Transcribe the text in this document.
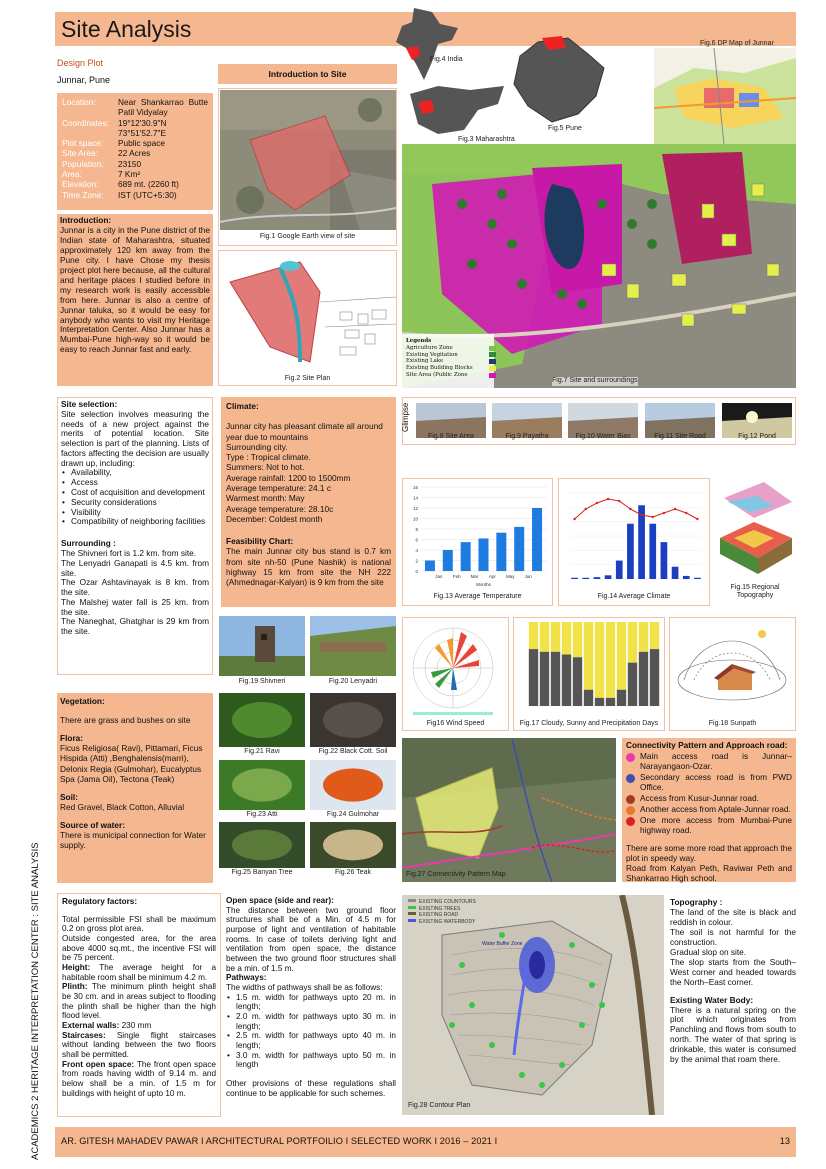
Site Analysis
ACADEMICS 2 HERITAGE INTERPRETATION CENTER : SITE ANALYSIS
Design Plot
Junnar, Pune
Location:	Near Shankarrao Butte Patil Vidyalay
Coordinates:	19°12'30.9"N 73°51'52.7"E
Plot space:	Public space
Site Area:	22 Acres
Population:	23150
Area:	7 Km²
Elevation:	689 mt. (2260 ft)
Time Zone:	IST (UTC+5:30)
Introduction:
Junnar is a city in the Pune district of the Indian state of Maharashtra, situated approximately 120 km away from the Pune city. I have Chose my thesis project plot here because, all the cultural and heritage places I studied before in my research work is easily accessible from here. Junnar is also a centre of Junnar taluka, so it would be easy for anybody who wants to visit my Heritage Interpretation Center. Also Junnar has a Mumbai-Pune high-way so it would be easy to reach Junnar fast and early.
Introduction to Site
Fig.1 Google Earth view of site
Fig.2 Site Plan
Fig.4 India
Fig.3 Maharashtra
Fig.5 Pune
Fig.6 DP Map of Junnar
Legends
Agriculture Zone
Existing Vegitation
Existing Lake
Existing Building Blocks
Site Area (Public Zone
Fig.7 Site and surroundings
Site selection:
Site selection involves measuring the needs of a new project against the merits of potential location. Site selection is part of the planning. Lists of factors affecting the decision are usually drawn up, including:
• Availability,
• Access
• Cost of acquisition and development
• Security considerations
• Visibility
• Compatibility of neighboring facilities
Surrounding :
The Shivneri fort is 1.2 km. from site.
The Lenyadri Ganapati is 4.5 km. from site.
The Ozar Ashtavinayak is 8 km. from the site.
The Malshej water fall is 25 km. from the site.
The Naneghat, Ghatghar is 29 km from the site.
Climate:
Junnar city has pleasant climate all around year due to mountains
Surrounding city.
Type : Tropical climate.
Summers: Not to hot.
Average rainfall: 1200 to 1500mm
Average temperature: 24.1 c
Warmest month: May
Average temperature: 28.10c
December: Coldest month
Feasibility Chart:
The main Junnar city bus stand is 0.7 km from site nh-50 (Pune Nashik) is national highway 15 km from site the NH 222 (Ahmednagar-Kalyan) is 9 km from the site
Fig.19 Shivneri	Fig.20 Lenyadri
Glimpse
Fig.8 Site Area	Fig.9 Payatha	Fig.10 Water Bias	Fig.11 Site Road	Fig.12 Pond
16
14
12
10
8
6
4
2
0
Jan Feb Mar Apr May Jun
Months
Fig.13 Average Temperature	Fig.14 Average Climate
Fig.15 Regional Topography
Fig16 Wind Speed	Fig.17 Cloudy, Sunny and Precipitation Days	Fig.18 Sunpath
Vegetation:
There are grass and bushes on site
Flora:
Ficus Religiosa( Ravi), Pittamari, Ficus Hispida (Atti) ,Benghalensis(marri), Delonix Regia (Gulmohar), Eucalyptus Spa (Jama Oil), Tectona (Teak)
Soil:
Red Gravel, Black Cotton, Alluvial
Source of water:
There is municipal connection for Water supply.
Fig.21 Ravi	Fig.22 Black Cott. Soil
Fig.23 Atti	Fig.24 Gulmohar
Fig.25 Banyan Tree	Fig.26 Teak	Fig.27 Connectivity Pattern Map
Connectivity Pattern and Approach road:
Main access road is Junnar–Narayangaon-Ozar.
Secondary access road is from PWD Office.
Access from Kusur-Junnar road.
Another access from Aptale-Junnar road.
One more access from Mumbai-Pune highway road.
There are some more road that approach the plot in speedy way.
Road from Kalyan Peth, Raviwar Peth and Shankarrao High school.
Regulatory factors:
Total permissible FSI shall be maximum 0.2 on gross plot area.
Outside congested area, for the area above 4000 sq.mt., the incentive FSI will be 75 percent.
Height: The average height for a habitable room shall be minimum 4.2 m.
Plinth: The minimum plinth height shall be 30 cm. and in areas subject to flooding the plinth shall be higher than the high flood level.
External walls: 230 mm
Staircases: Single flight staircases without landing between the two floors shall be permitted.
Front open space: The front open space from roads having width of 9.14 m. and below shall be a min. of 1.5 m for buildings with height of upto 10 m.
Open space (side and rear):
The distance between two ground floor structures shall be of a Min. of 4.5 m for purpose of light and ventilation of habitable rooms. In case of toilets deriving light and ventilation from open space, the distance between the two ground floor structures shall be a min. of 1.5 m.
Pathways:
The widths of pathways shall be as follows:
• 1.5 m. width for pathways upto 20 m. in length;
• 2.0 m. width for pathways upto 30 m. in length;
• 2.5 m. width for pathways upto 40 m. in length;
• 3.0 m. width for pathways upto 50 m. in length
Other provisions of these regulations shall continue to be applicable for such schemes.
EXISTING COUNTOURS
EXISTING TREES
EXISTING ROAD
EXISTING WATERBODY
Water Buffer Zone
Fig.28 Contour Plan
Topography :
The land of the site is black and reddish in colour.
The soil is not harmful for the construction.
Gradual slop on site.
The slop starts from the South–West corner and headed towards the North–East corner.
Existing Water Body:
There is a natural spring on the plot which originates from Panchling and flows from south to north. The water of that spring is drinkable, this water is consumed by the animal that roam there.
AR. GITESH MAHADEV PAWAR I ARCHITECTURAL PORTFOILIO I SELECTED WORK I 2016 – 2021 I	13
